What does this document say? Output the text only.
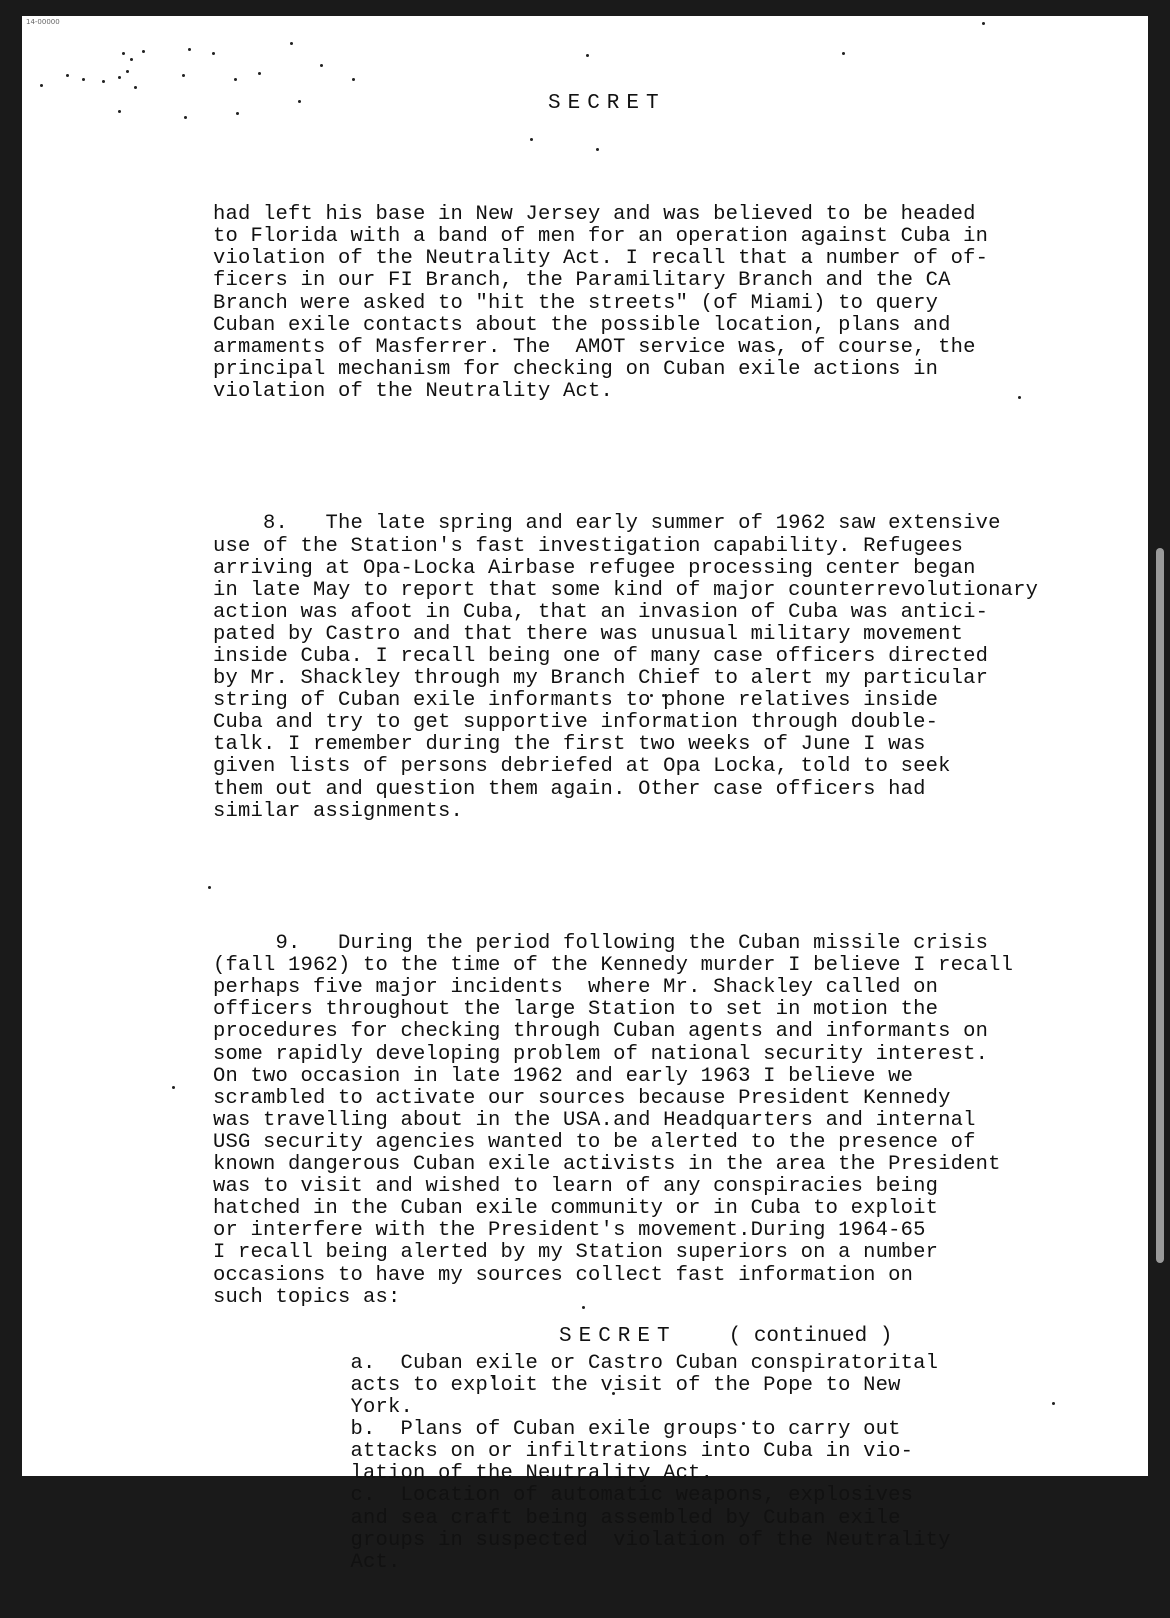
14-00000
SECRET

had left his base in New Jersey and was believed to be headed
to Florida with a band of men for an operation against Cuba in
violation of the Neutrality Act. I recall that a number of of-
ficers in our FI Branch, the Paramilitary Branch and the CA
Branch were asked to "hit the streets" (of Miami) to query
Cuban exile contacts about the possible location, plans and
armaments of Masferrer. The  AMOT service was, of course, the
principal mechanism for checking on Cuban exile actions in
violation of the Neutrality Act.

8.   The late spring and early summer of 1962 saw extensive
use of the Station's fast investigation capability. Refugees
arriving at Opa-Locka Airbase refugee processing center began
in late May to report that some kind of major counterrevolutionary
action was afoot in Cuba, that an invasion of Cuba was antici-
pated by Castro and that there was unusual military movement
inside Cuba. I recall being one of many case officers directed
by Mr. Shackley through my Branch Chief to alert my particular
string of Cuban exile informants to phone relatives inside
Cuba and try to get supportive information through double-
talk. I remember during the first two weeks of June I was
given lists of persons debriefed at Opa Locka, told to seek
them out and question them again. Other case officers had
similar assignments.

9.   During the period following the Cuban missile crisis
(fall 1962) to the time of the Kennedy murder I believe I recall
perhaps five major incidents  where Mr. Shackley called on
officers throughout the large Station to set in motion the
procedures for checking through Cuban agents and informants on
some rapidly developing problem of national security interest.
On two occasion in late 1962 and early 1963 I believe we
scrambled to activate our sources because President Kennedy
was travelling about in the USA.and Headquarters and internal
USG security agencies wanted to be alerted to the presence of
known dangerous Cuban exile activists in the area the President
was to visit and wished to learn of any conspiracies being
hatched in the Cuban exile community or in Cuba to exploit
or interfere with the President's movement.During 1964-65
I recall being alerted by my Station superiors on a number
occasions to have my sources collect fast information on
such topics as:

a.  Cuban exile or Castro Cuban conspiratorital
acts to exploit the visit of the Pope to New
York.
b.  Plans of Cuban exile groups to carry out
attacks on or infiltrations into Cuba in vio-
lation of the Neutrality Act.
c.  Location of automatic weapons, explosives
and sea craft being assembled by Cuban exile
groups in suspected  violation of the Neutrality
Act.

SECRET ( continued )
